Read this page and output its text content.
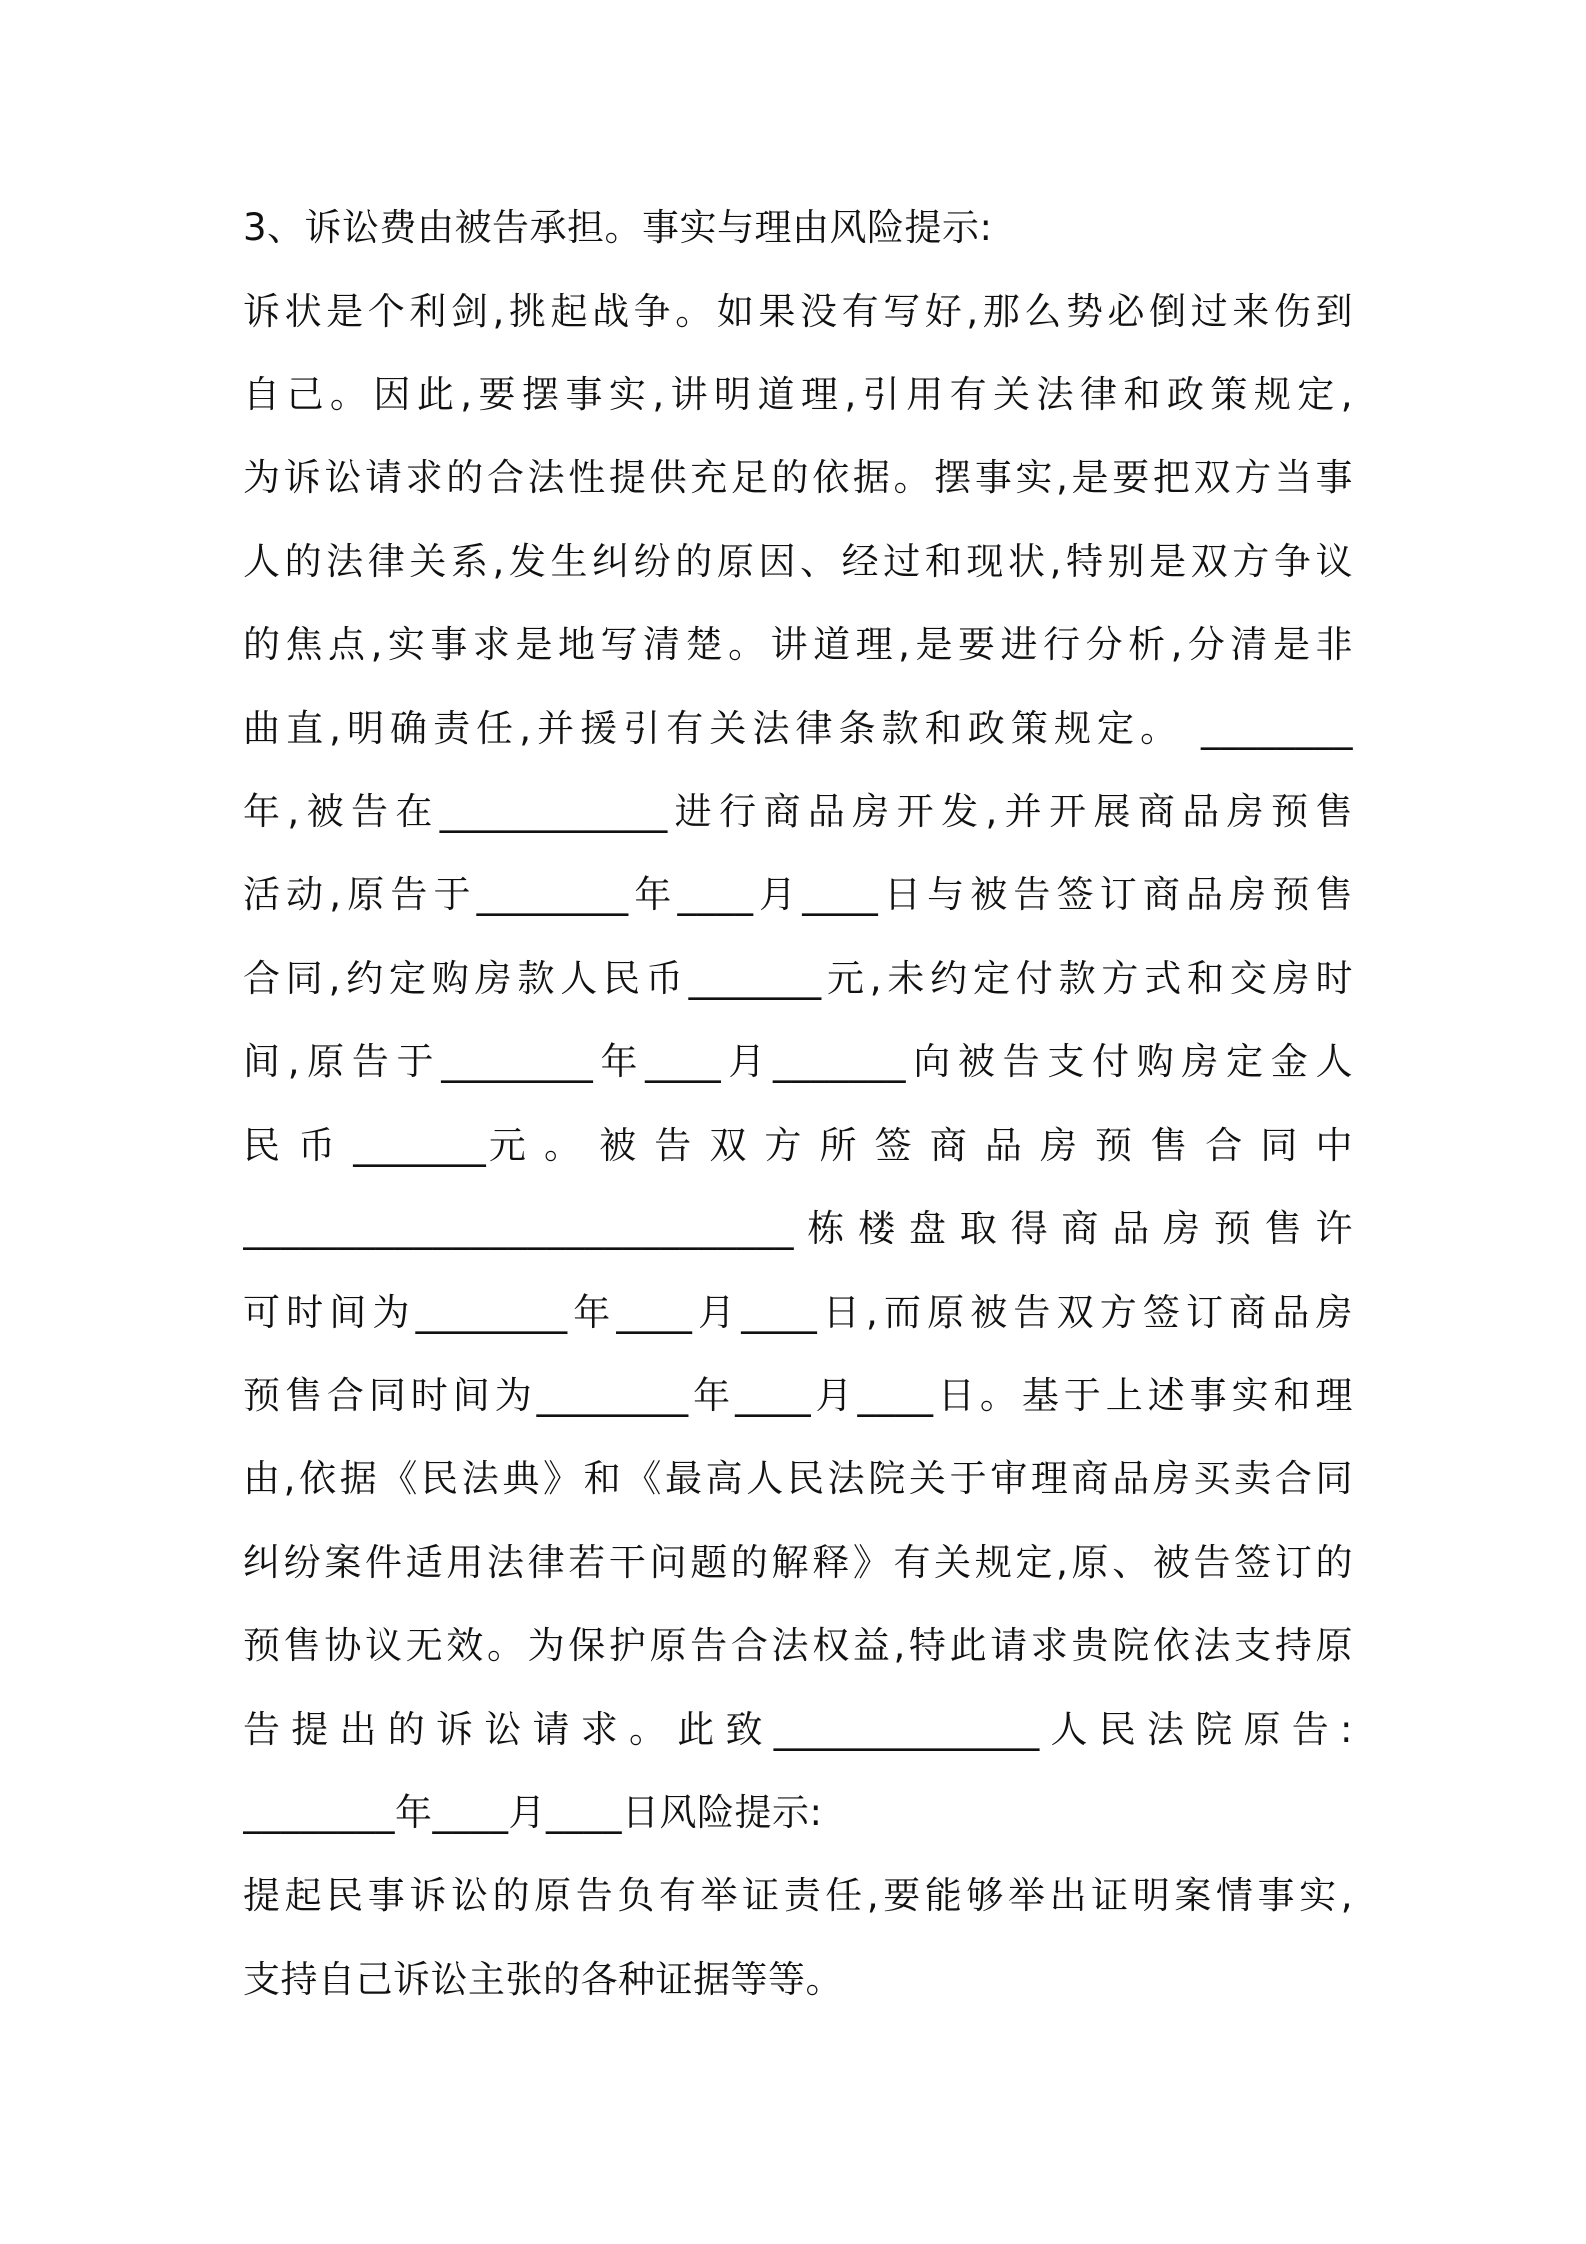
3、诉讼费由被告承担。事实与理由风险提示:
诉状是个利剑,挑起战争。如果没有写好,那么势必倒过来伤到
自己。因此,要摆事实,讲明道理,引用有关法律和政策规定,
为诉讼请求的合法性提供充足的依据。摆事实,是要把双方当事
人的法律关系,发生纠纷的原因、经过和现状,特别是双方争议
的焦点,实事求是地写清楚。讲道理,是要进行分析,分清是非
曲直,明确责任,并援引有关法律条款和政策规定。 ________
年,被告在____________进行商品房开发,并开展商品房预售
活动,原告于________年____月____日与被告签订商品房预售
合同,约定购房款人民币_______元,未约定付款方式和交房时
间,原告于________年____月_______向被告支付购房定金人
民 币 _______元 。 被 告 双 方 所 签 商 品 房 预 售 合 同 中
_____________________________栋楼盘取得商品房预售许
可时间为________年____月____日,而原被告双方签订商品房
预售合同时间为________年____月____日。基于上述事实和理
由,依据《民法典》和《最高人民法院关于审理商品房买卖合同
纠纷案件适用法律若干问题的解释》有关规定,原、被告签订的
预售协议无效。为保护原告合法权益,特此请求贵院依法支持原
告提出的诉讼请求。此致______________人民法院原告:
________年____月____日风险提示:
提起民事诉讼的原告负有举证责任,要能够举出证明案情事实,
支持自己诉讼主张的各种证据等等。
